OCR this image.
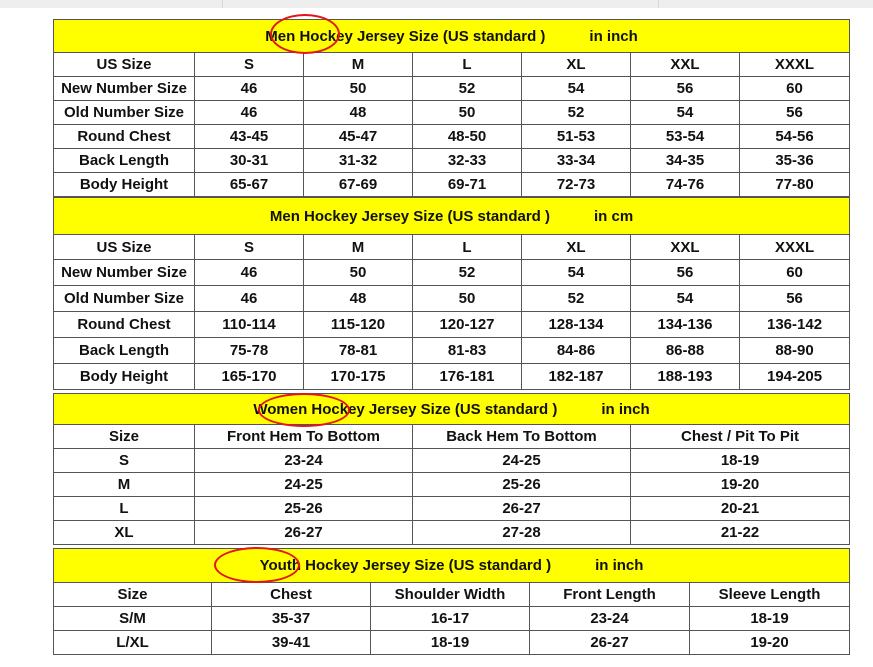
Men Hockey Jersey Size (US standard ) in inch						
US Size	S	M	L	XL	XXL	XXXL
New Number Size	46	50	52	54	56	60
Old Number Size	46	48	50	52	54	56
Round Chest	43-45	45-47	48-50	51-53	53-54	54-56
Back Length	30-31	31-32	32-33	33-34	34-35	35-36
Body Height	65-67	67-69	69-71	72-73	74-76	77-80
Men Hockey Jersey Size (US standard ) in cm						
US Size	S	M	L	XL	XXL	XXXL
New Number Size	46	50	52	54	56	60
Old Number Size	46	48	50	52	54	56
Round Chest	110-114	115-120	120-127	128-134	134-136	136-142
Back Length	75-78	78-81	81-83	84-86	86-88	88-90
Body Height	165-170	170-175	176-181	182-187	188-193	194-205
Women Hockey Jersey Size (US standard ) in inch			
Size	Front Hem To Bottom	Back Hem To Bottom	Chest / Pit To Pit
S	23-24	24-25	18-19
M	24-25	25-26	19-20
L	25-26	26-27	20-21
XL	26-27	27-28	21-22
Youth Hockey Jersey Size (US standard ) in inch				
Size	Chest	Shoulder Width	Front Length	Sleeve Length
S/M	35-37	16-17	23-24	18-19
L/XL	39-41	18-19	26-27	19-20
